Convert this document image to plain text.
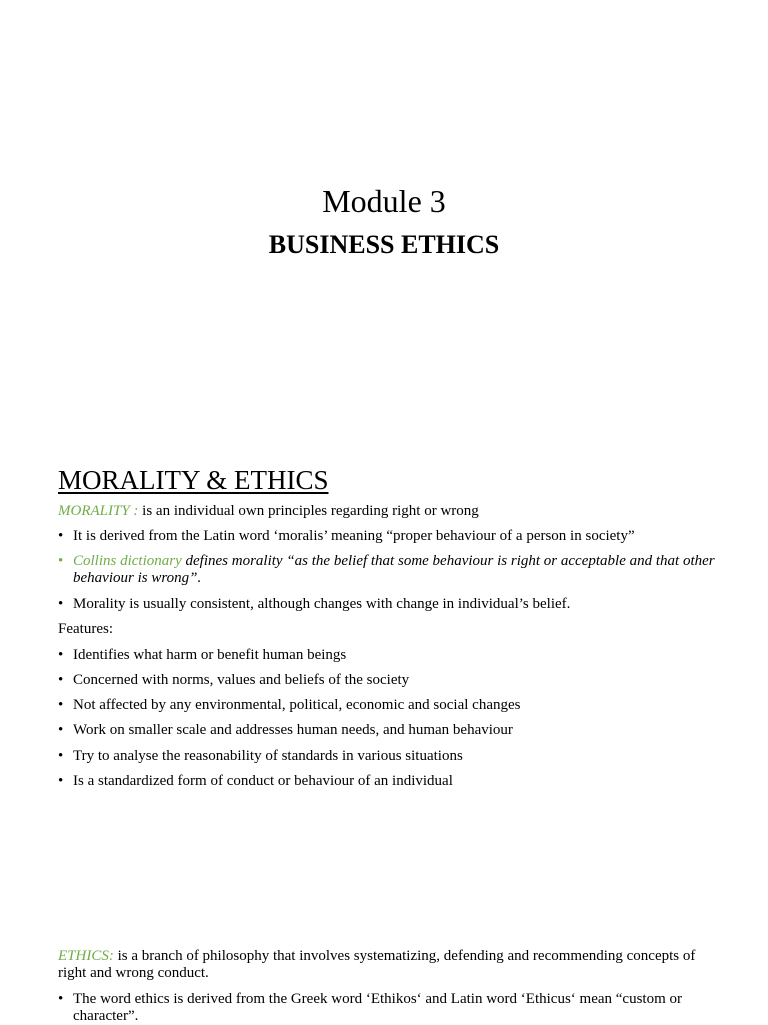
Module 3
BUSINESS ETHICS
MORALITY & ETHICS

MORALITY : is an individual own principles regarding right or wrong

• It is derived from the Latin word ‘moralis’ meaning “proper behaviour of a person in society”
• Collins dictionary defines morality “as the belief that some behaviour is right or acceptable and that other behaviour is wrong”.
• Morality is usually consistent, although changes with change in individual’s belief.

Features:

• Identifies what harm or benefit human beings
• Concerned with norms, values and beliefs of the society
• Not affected by any environmental, political, economic and social changes
• Work on smaller scale and addresses human needs, and human behaviour
• Try to analyse the reasonability of standards in various situations
• Is a standardized form of conduct or behaviour of an individual

ETHICS: is a branch of philosophy that involves systematizing, defending and recommending concepts of right and wrong conduct.

• The word ethics is derived from the Greek word ‘Ethikos‘ and Latin word ‘Ethicus‘ mean “custom or character”.
